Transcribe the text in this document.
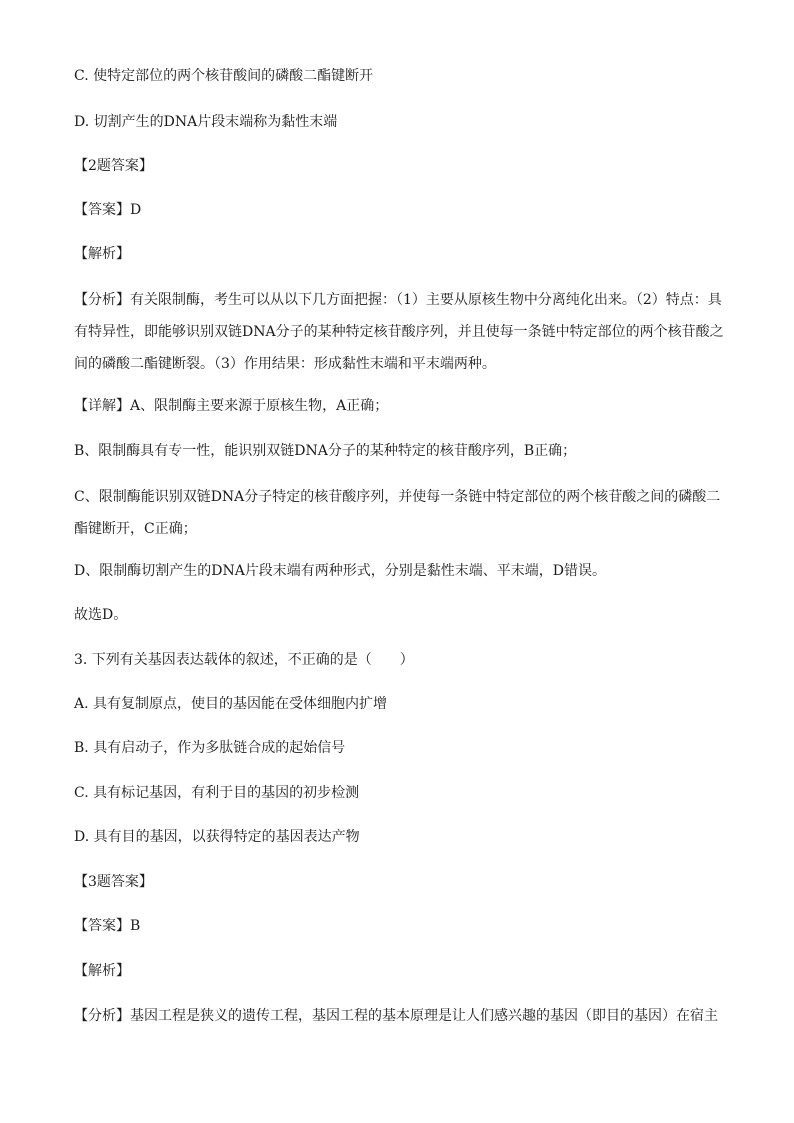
C. 使特定部位的两个核苷酸间的磷酸二酯键断开
D. 切割产生的DNA片段末端称为黏性末端
【2题答案】
【答案】D
【解析】
【分析】有关限制酶，考生可以从以下几方面把握：（1）主要从原核生物中分离纯化出来。（2）特点：具有特异性，即能够识别双链DNA分子的某种特定核苷酸序列，并且使每一条链中特定部位的两个核苷酸之间的磷酸二酯键断裂。（3）作用结果：形成黏性末端和平末端两种。
【详解】A、限制酶主要来源于原核生物，A正确；
B、限制酶具有专一性，能识别双链DNA分子的某种特定的核苷酸序列，B正确；
C、限制酶能识别双链DNA分子特定的核苷酸序列，并使每一条链中特定部位的两个核苷酸之间的磷酸二酯键断开，C正确；
D、限制酶切割产生的DNA片段末端有两种形式，分别是黏性末端、平末端，D错误。
故选D。
3. 下列有关基因表达载体的叙述，不正确的是（　　）
A. 具有复制原点，使目的基因能在受体细胞内扩增
B. 具有启动子，作为多肽链合成的起始信号
C. 具有标记基因，有利于目的基因的初步检测
D. 具有目的基因，以获得特定的基因表达产物
【3题答案】
【答案】B
【解析】
【分析】基因工程是狭义的遗传工程，基因工程的基本原理是让人们感兴趣的基因（即目的基因）在宿主
